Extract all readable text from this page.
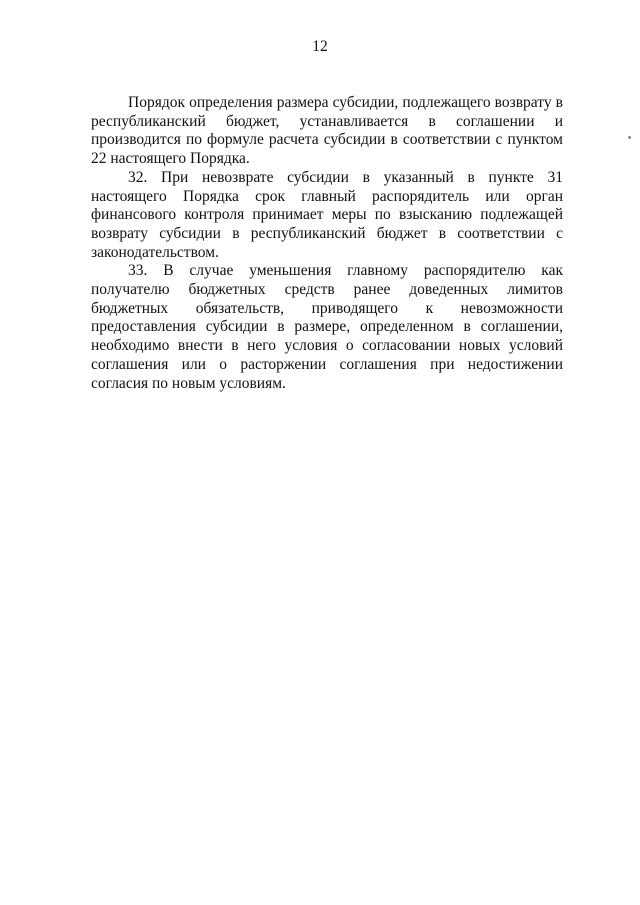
12

Порядок определения размера субсидии, подлежащего возврату в республиканский бюджет, устанавливается в соглашении и производится по формуле расчета субсидии в соответствии с пунктом 22 настоящего Порядка.

32. При невозврате субсидии в указанный в пункте 31 настоящего Порядка срок главный распорядитель или орган финансового контроля принимает меры по взысканию подлежащей возврату субсидии в республиканский бюджет в соответствии с законодательством.

33. В случае уменьшения главному распорядителю как получателю бюджетных средств ранее доведенных лимитов бюджетных обязательств, приводящего к невозможности предоставления субсидии в размере, определенном в соглашении, необходимо внести в него условия о согласовании новых условий соглашения или о расторжении соглашения при недостижении согласия по новым условиям.
